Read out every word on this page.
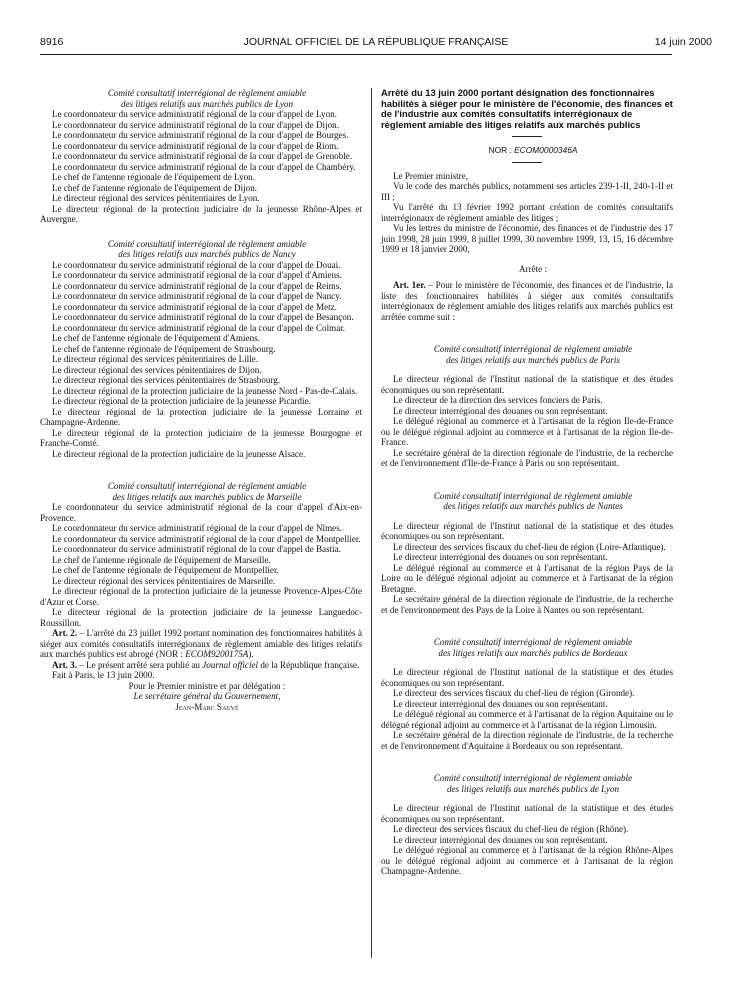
8916	JOURNAL OFFICIEL DE LA RÉPUBLIQUE FRANÇAISE	14 juin 2000

Comité consultatif interrégional de règlement amiable

des litiges relatifs aux marchés publics de Lyon

Le coordonnateur du service administratif régional de la cour d'appel de Lyon.

Le coordonnateur du service administratif régional de la cour d'appel de Dijon.

Le coordonnateur du service administratif régional de la cour d'appel de Bourges.

Le coordonnateur du service administratif régional de la cour d'appel de Riom.

Le coordonnateur du service administratif régional de la cour d'appel de Grenoble.

Le coordonnateur du service administratif régional de la cour d'appel de Chambéry.

Le chef de l'antenne régionale de l'équipement de Lyon.

Le chef de l'antenne régionale de l'équipement de Dijon.

Le directeur régional des services pénitentiaires de Lyon.

Le directeur régional de la protection judiciaire de la jeunesse Rhône-Alpes et Auvergne.

Comité consultatif interrégional de règlement amiable

des litiges relatifs aux marchés publics de Nancy

Le coordonnateur du service administratif régional de la cour d'appel de Douai.

Le coordonnateur du service administratif régional de la cour d'appel d'Amiens.

Le coordonnateur du service administratif régional de la cour d'appel de Reims.

Le coordonnateur du service administratif régional de la cour d'appel de Nancy.

Le coordonnateur du service administratif régional de la cour d'appel de Metz.

Le coordonnateur du service administratif régional de la cour d'appel de Besançon.

Le coordonnateur du service administratif régional de la cour d'appel de Colmar.

Le chef de l'antenne régionale de l'équipement d'Amiens.

Le chef de l'antenne régionale de l'équipement de Strasbourg.

Le directeur régional des services pénitentiaires de Lille.

Le directeur régional des services pénitentiaires de Dijon.

Le directeur régional des services pénitentiaires de Strasbourg.

Le directeur régional de la protection judiciaire de la jeunesse Nord - Pas-de-Calais.

Le directeur régional de la protection judiciaire de la jeunesse Picardie.

Le directeur régional de la protection judiciaire de la jeunesse Lorraine et Champagne-Ardenne.

Le directeur régional de la protection judiciaire de la jeunesse Bourgogne et Franche-Comté.

Le directeur régional de la protection judiciaire de la jeunesse Alsace.

Comité consultatif interrégional de règlement amiable

des litiges relatifs aux marchés publics de Marseille

Le coordonnateur du service administratif régional de la cour d'appel d'Aix-en-Provence.

Le coordonnateur du service administratif régional de la cour d'appel de Nîmes.

Le coordonnateur du service administratif régional de la cour d'appel de Montpellier.

Le coordonnateur du service administratif régional de la cour d'appel de Bastia.

Le chef de l'antenne régionale de l'équipement de Marseille.

Le chef de l'antenne régionale de l'équipement de Montpellier.

Le directeur régional des services pénitentiaires de Marseille.

Le directeur régional de la protection judiciaire de la jeunesse Provence-Alpes-Côte d'Azur et Corse.

Le directeur régional de la protection judiciaire de la jeunesse Languedoc-Roussillon.

Art. 2. – L'arrêté du 23 juillet 1992 portant nomination des fonctionnaires habilités à siéger aux comités consultatifs interrégionaux de règlement amiable des litiges relatifs aux marchés publics est abrogé (NOR : ECOM9200175A).

Art. 3. – Le présent arrêté sera publié au Journal officiel de la République française.

Fait à Paris, le 13 juin 2000.

Pour le Premier ministre et par délégation :

Le secrétaire général du Gouvernement,

Jean-Marc Sauvé

Arrêté du 13 juin 2000 portant désignation des fonctionnaires habilités à siéger pour le ministère de l'économie, des finances et de l'industrie aux comités consultatifs interrégionaux de règlement amiable des litiges relatifs aux marchés publics

NOR : ECOM0000346A

Le Premier ministre,

Vu le code des marchés publics, notamment ses articles 239-1-II, 240-1-II et III ;

Vu l'arrêté du 13 février 1992 portant création de comités consultatifs interrégionaux de règlement amiable des litiges ;

Vu les lettres du ministre de l'économie, des finances et de l'industrie des 17 juin 1998, 28 juin 1999, 8 juillet 1999, 30 novembre 1999, 13, 15, 16 décembre 1999 et 18 janvier 2000,

Arrête :

Art. 1er. – Pour le ministère de l'économie, des finances et de l'industrie, la liste des fonctionnaires habilités à siéger aux comités consultatifs interrégionaux de règlement amiable des litiges relatifs aux marchés publics est arrêtée comme suit :

Comité consultatif interrégional de règlement amiable

des litiges relatifs aux marchés publics de Paris

Le directeur régional de l'Institut national de la statistique et des études économiques ou son représentant.

Le directeur de la direction des services fonciers de Paris.

Le directeur interrégional des douanes ou son représentant.

Le délégué régional au commerce et à l'artisanat de la région Ile-de-France ou le délégué régional adjoint au commerce et à l'artisanat de la région Ile-de-France.

Le secrétaire général de la direction régionale de l'industrie, de la recherche et de l'environnement d'Ile-de-France à Paris ou son représentant.

Comité consultatif interrégional de règlement amiable

des litiges relatifs aux marchés publics de Nantes

Le directeur régional de l'Institut national de la statistique et des études économiques ou son représentant.

Le directeur des services fiscaux du chef-lieu de région (Loire-Atlantique).

Le directeur interrégional des douanes ou son représentant.

Le délégué régional au commerce et à l'artisanat de la région Pays de la Loire ou le délégué régional adjoint au commerce et à l'artisanat de la région Bretagne.

Le secrétaire général de la direction régionale de l'industrie, de la recherche et de l'environnement des Pays de la Loire à Nantes ou son représentant.

Comité consultatif interrégional de règlement amiable

des litiges relatifs aux marchés publics de Bordeaux

Le directeur régional de l'Institut national de la statistique et des études économiques ou son représentant.

Le directeur des services fiscaux du chef-lieu de région (Gironde).

Le directeur interrégional des douanes ou son représentant.

Le délégué régional au commerce et à l'artisanat de la région Aquitaine ou le délégué régional adjoint au commerce et à l'artisanat de la région Limousin.

Le secrétaire général de la direction régionale de l'industrie, de la recherche et de l'environnement d'Aquitaine à Bordeaux ou son représentant.

Comité consultatif interrégional de règlement amiable

des litiges relatifs aux marchés publics de Lyon

Le directeur régional de l'Institut national de la statistique et des études économiques ou son représentant.

Le directeur des services fiscaux du chef-lieu de région (Rhône).

Le directeur interrégional des douanes ou son représentant.

Le délégué régional au commerce et à l'artisanat de la région Rhône-Alpes ou le délégué régional adjoint au commerce et à l'artisanat de la région Champagne-Ardenne.
